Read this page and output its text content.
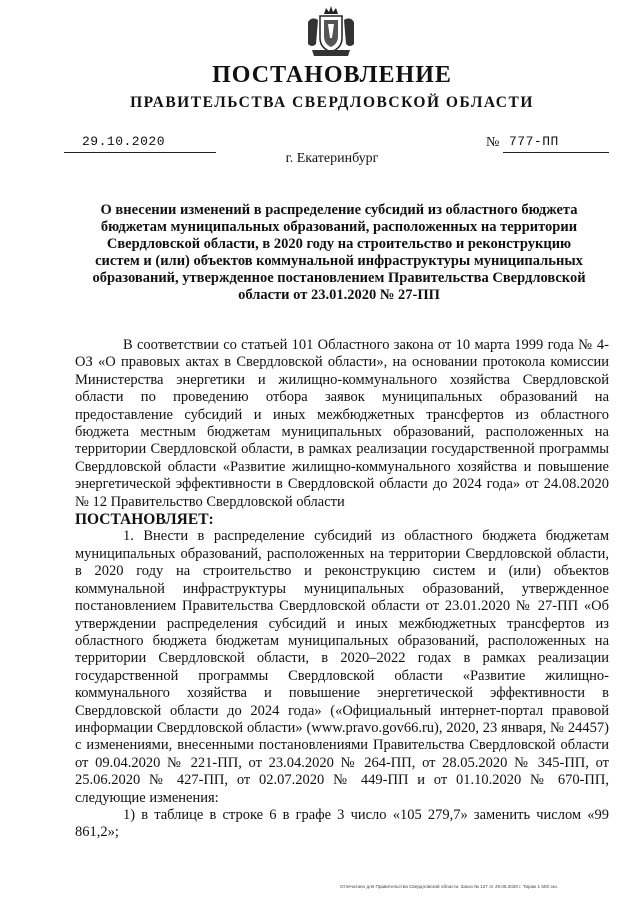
ПОСТАНОВЛЕНИЕ
ПРАВИТЕЛЬСТВА СВЕРДЛОВСКОЙ ОБЛАСТИ
29.10.2020	№ 777-ПП
г. Екатеринбург
О внесении изменений в распределение субсидий из областного бюджета бюджетам муниципальных образований, расположенных на территории Свердловской области, в 2020 году на строительство и реконструкцию систем и (или) объектов коммунальной инфраструктуры муниципальных образований, утвержденное постановлением Правительства Свердловской области от 23.01.2020 № 27-ПП

В соответствии со статьей 101 Областного закона от 10 марта 1999 года № 4-ОЗ «О правовых актах в Свердловской области», на основании протокола комиссии Министерства энергетики и жилищно-коммунального хозяйства Свердловской области по проведению отбора заявок муниципальных образований на предоставление субсидий и иных межбюджетных трансфертов из областного бюджета местным бюджетам муниципальных образований, расположенных на территории Свердловской области, в рамках реализации государственной программы Свердловской области «Развитие жилищно-коммунального хозяйства и повышение энергетической эффективности в Свердловской области до 2024 года» от 24.08.2020 № 12 Правительство Свердловской области

ПОСТАНОВЛЯЕТ:

1. Внести в распределение субсидий из областного бюджета бюджетам муниципальных образований, расположенных на территории Свердловской области, в 2020 году на строительство и реконструкцию систем и (или) объектов коммунальной инфраструктуры муниципальных образований, утвержденное постановлением Правительства Свердловской области от 23.01.2020 № 27-ПП «Об утверждении распределения субсидий и иных межбюджетных трансфертов из областного бюджета бюджетам муниципальных образований, расположенных на территории Свердловской области, в 2020–2022 годах в рамках реализации государственной программы Свердловской области «Развитие жилищно-коммунального хозяйства и повышение энергетической эффективности в Свердловской области до 2024 года» («Официальный интернет-портал правовой информации Свердловской области» (www.pravo.gov66.ru), 2020, 23 января, № 24457) с изменениями, внесенными постановлениями Правительства Свердловской области от 09.04.2020 № 221-ПП, от 23.04.2020 № 264-ПП, от 28.05.2020 № 345-ПП, от 25.06.2020 № 427-ПП, от 02.07.2020 № 449-ПП и от 01.10.2020 № 670-ПП, следующие изменения:

1) в таблице в строке 6 в графе 3 число «105 279,7» заменить числом «99 861,2»;

Отпечатано для Правительства Свердловской области. Заказ № 127 от 29.05.2020 г. Тираж 1 500 экз.
